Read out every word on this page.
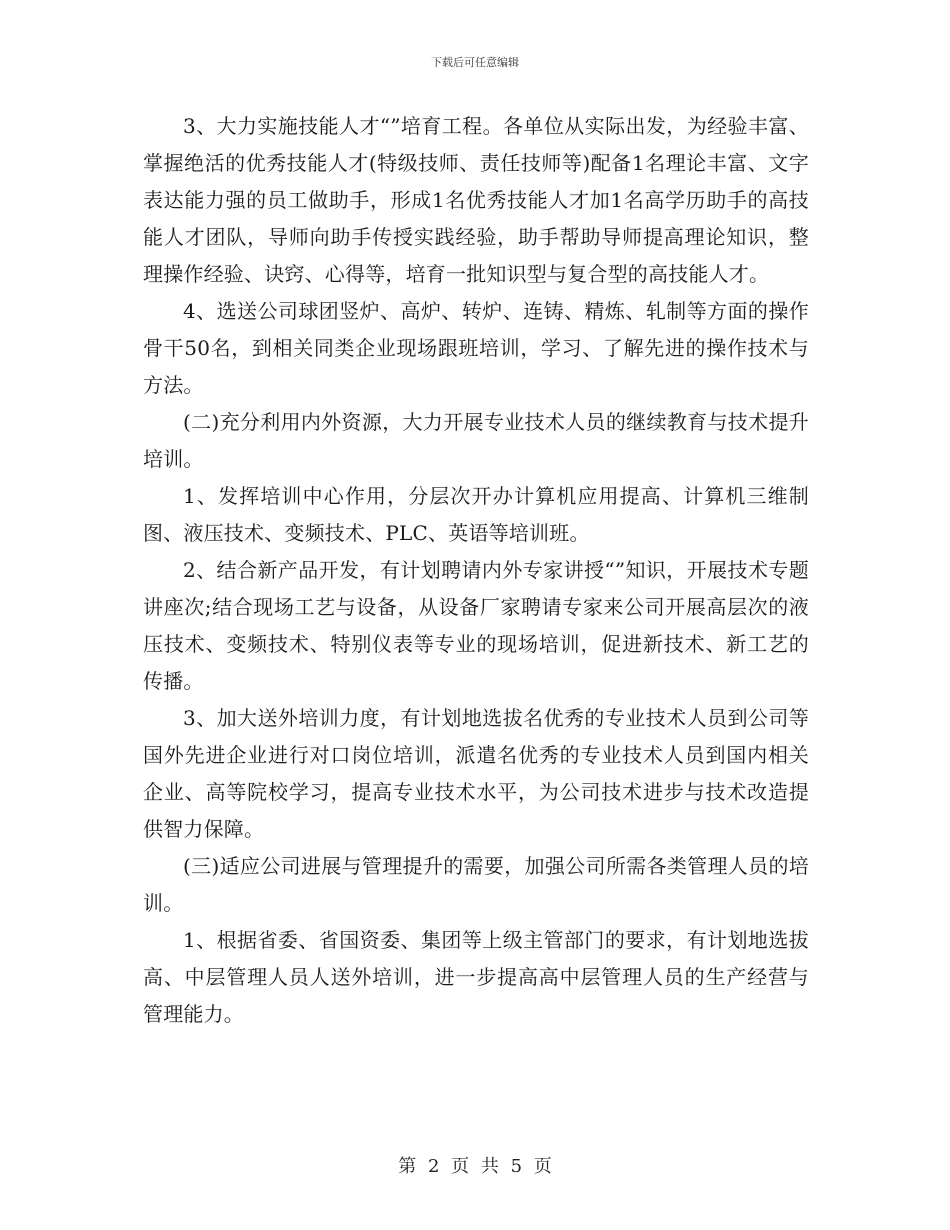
下载后可任意编辑

3、大力实施技能人才“”培育工程。各单位从实际出发，为经验丰富、掌握绝活的优秀技能人才(特级技师、责任技师等)配备1名理论丰富、文字表达能力强的员工做助手，形成1名优秀技能人才加1名高学历助手的高技能人才团队，导师向助手传授实践经验，助手帮助导师提高理论知识，整理操作经验、诀窍、心得等，培育一批知识型与复合型的高技能人才。

4、选送公司球团竖炉、高炉、转炉、连铸、精炼、轧制等方面的操作骨干50名，到相关同类企业现场跟班培训，学习、了解先进的操作技术与方法。

(二)充分利用内外资源，大力开展专业技术人员的继续教育与技术提升培训。

1、发挥培训中心作用，分层次开办计算机应用提高、计算机三维制图、液压技术、变频技术、PLC、英语等培训班。

2、结合新产品开发，有计划聘请内外专家讲授“”知识，开展技术专题讲座次;结合现场工艺与设备，从设备厂家聘请专家来公司开展高层次的液压技术、变频技术、特别仪表等专业的现场培训，促进新技术、新工艺的传播。

3、加大送外培训力度，有计划地选拔名优秀的专业技术人员到公司等国外先进企业进行对口岗位培训，派遣名优秀的专业技术人员到国内相关企业、高等院校学习，提高专业技术水平，为公司技术进步与技术改造提供智力保障。

(三)适应公司进展与管理提升的需要，加强公司所需各类管理人员的培训。

1、根据省委、省国资委、集团等上级主管部门的要求，有计划地选拔高、中层管理人员人送外培训，进一步提高高中层管理人员的生产经营与管理能力。

第 2 页 共 5 页
